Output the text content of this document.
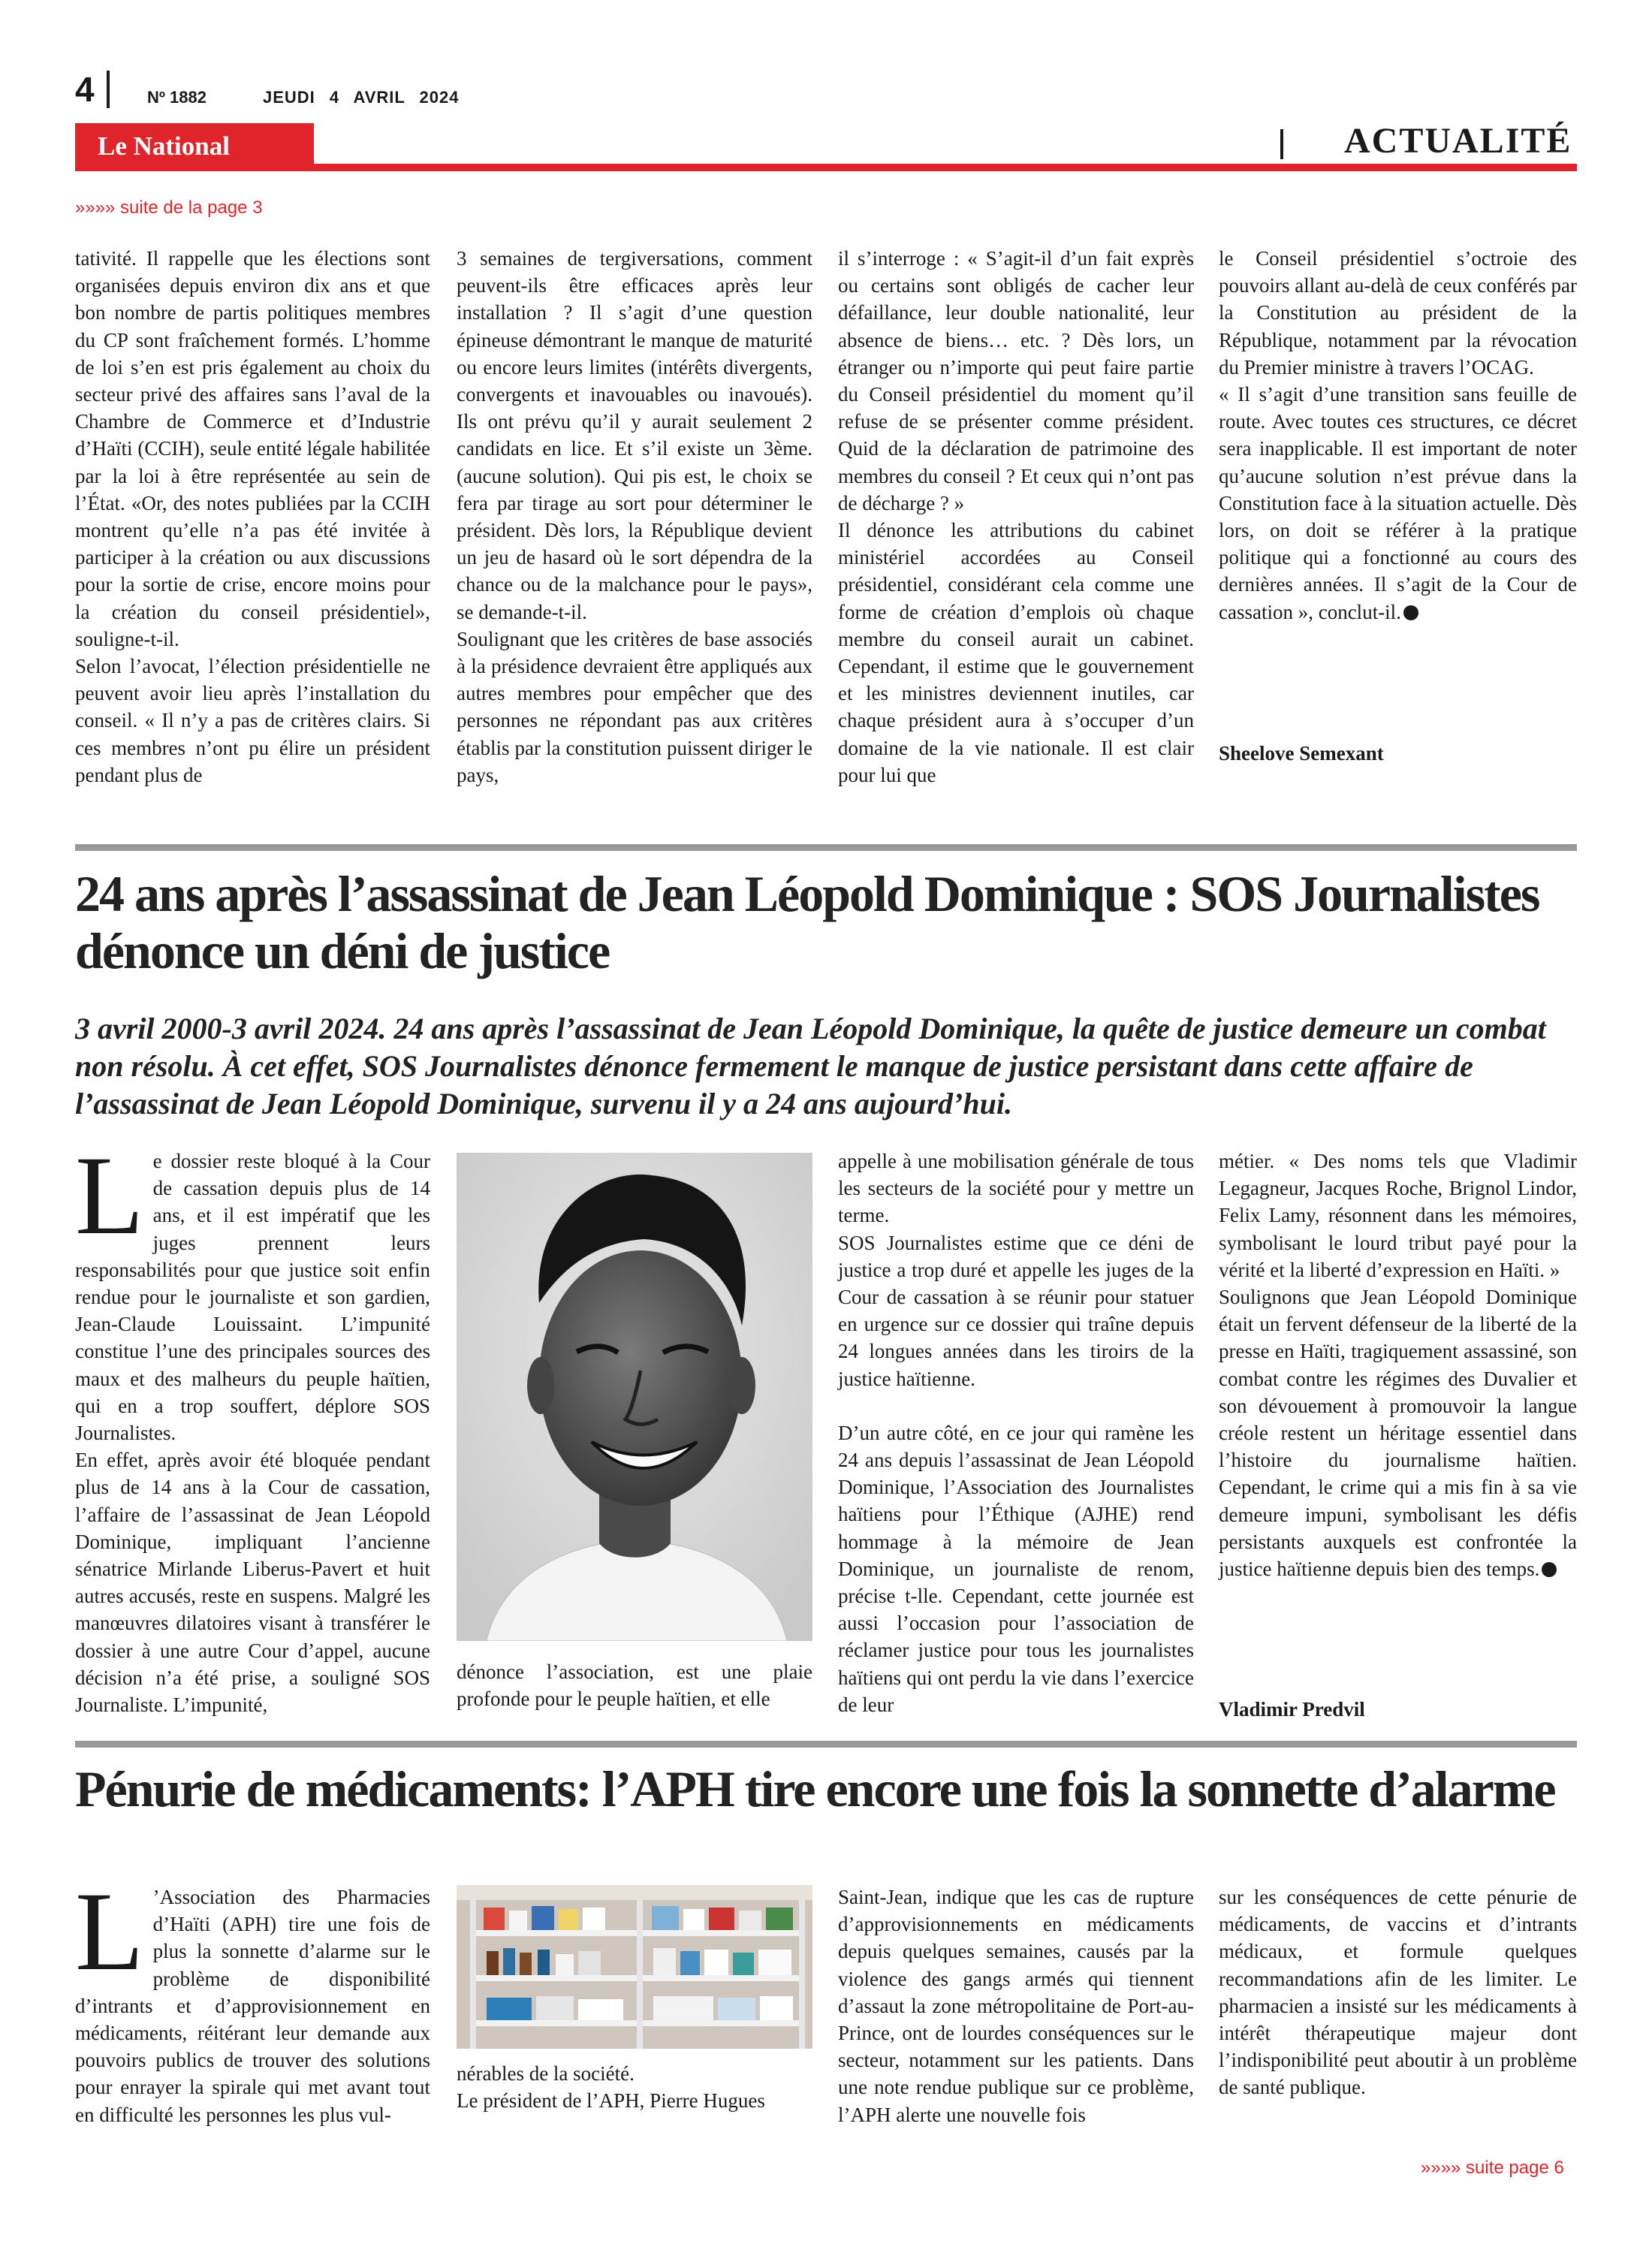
4	Nº 1882	JEUDI 4 AVRIL 2024
Le National	ACTUALITÉ
»»»» suite de la page 3

tativité. Il rappelle que les élections sont organisées depuis environ dix ans et que bon nombre de partis politiques membres du CP sont fraîchement formés. L’homme de loi s’en est pris également au choix du secteur privé des affaires sans l’aval de la Chambre de Commerce et d’Industrie d’Haïti (CCIH), seule entité légale habilitée par la loi à être représentée au sein de l’État. «Or, des notes publiées par la CCIH montrent qu’elle n’a pas été invitée à participer à la création ou aux discussions pour la sortie de crise, encore moins pour la création du conseil présidentiel», souligne-t-il.

Selon l’avocat, l’élection présidentielle ne peuvent avoir lieu après l’installation du conseil. « Il n’y a pas de critères clairs. Si ces membres n’ont pu élire un président pendant plus de

3 semaines de tergiversations, comment peuvent-ils être efficaces après leur installation ? Il s’agit d’une question épineuse démontrant le manque de maturité ou encore leurs limites (intérêts divergents, convergents et inavouables ou inavoués). Ils ont prévu qu’il y aurait seulement 2 candidats en lice. Et s’il existe un 3ème. (aucune solution). Qui pis est, le choix se fera par tirage au sort pour déterminer le président. Dès lors, la République devient un jeu de hasard où le sort dépendra de la chance ou de la malchance pour le pays», se demande-t-il.

Soulignant que les critères de base associés à la présidence devraient être appliqués aux autres membres pour empêcher que des personnes ne répondant pas aux critères établis par la constitution puissent diriger le pays,

il s’interroge : « S’agit-il d’un fait exprès ou certains sont obligés de cacher leur défaillance, leur double nationalité, leur absence de biens… etc. ? Dès lors, un étranger ou n’importe qui peut faire partie du Conseil présidentiel du moment qu’il refuse de se présenter comme président. Quid de la déclaration de patrimoine des membres du conseil ? Et ceux qui n’ont pas de décharge ? »

Il dénonce les attributions du cabinet ministériel accordées au Conseil présidentiel, considérant cela comme une forme de création d’emplois où chaque membre du conseil aurait un cabinet. Cependant, il estime que le gouvernement et les ministres deviennent inutiles, car chaque président aura à s’occuper d’un domaine de la vie nationale. Il est clair pour lui que

le Conseil présidentiel s’octroie des pouvoirs allant au-delà de ceux conférés par la Constitution au président de la République, notamment par la révocation du Premier ministre à travers l’OCAG.

« Il s’agit d’une transition sans feuille de route. Avec toutes ces structures, ce décret sera inapplicable. Il est important de noter qu’aucune solution n’est prévue dans la Constitution face à la situation actuelle. Dès lors, on doit se référer à la pratique politique qui a fonctionné au cours des dernières années. Il s’agit de la Cour de cassation », conclut-il.

Sheelove Semexant
24 ans après l’assassinat de Jean Léopold Dominique : SOS Journalistes dénonce un déni de justice
3 avril 2000-3 avril 2024. 24 ans après l’assassinat de Jean Léopold Dominique, la quête de justice demeure un combat non résolu. À cet effet, SOS Journalistes dénonce fermement le manque de justice persistant dans cette affaire de l’assassinat de Jean Léopold Dominique, survenu il y a 24 ans aujourd’hui.

Le dossier reste bloqué à la Cour de cassation depuis plus de 14 ans, et il est impératif que les juges prennent leurs responsabilités pour que justice soit enfin rendue pour le journaliste et son gardien, Jean-Claude Louissaint. L’impunité constitue l’une des principales sources des maux et des malheurs du peuple haïtien, qui en a trop souffert, déplore SOS Journalistes.

En effet, après avoir été bloquée pendant plus de 14 ans à la Cour de cassation, l’affaire de l’assassinat de Jean Léopold Dominique, impliquant l’ancienne sénatrice Mirlande Liberus-Pavert et huit autres accusés, reste en suspens. Malgré les manœuvres dilatoires visant à transférer le dossier à une autre Cour d’appel, aucune décision n’a été prise, a souligné SOS Journaliste. L’impunité,

dénonce l’association, est une plaie profonde pour le peuple haïtien, et elle

appelle à une mobilisation générale de tous les secteurs de la société pour y mettre un terme.

SOS Journalistes estime que ce déni de justice a trop duré et appelle les juges de la Cour de cassation à se réunir pour statuer en urgence sur ce dossier qui traîne depuis 24 longues années dans les tiroirs de la justice haïtienne.

D’un autre côté, en ce jour qui ramène les 24 ans depuis l’assassinat de Jean Léopold Dominique, l’Association des Journalistes haïtiens pour l’Éthique (AJHE) rend hommage à la mémoire de Jean Dominique, un journaliste de renom, précise t-lle. Cependant, cette journée est aussi l’occasion pour l’association de réclamer justice pour tous les journalistes haïtiens qui ont perdu la vie dans l’exercice de leur

métier. « Des noms tels que Vladimir Legagneur, Jacques Roche, Brignol Lindor, Felix Lamy, résonnent dans les mémoires, symbolisant le lourd tribut payé pour la vérité et la liberté d’expression en Haïti. »

Soulignons que Jean Léopold Dominique était un fervent défenseur de la liberté de la presse en Haïti, tragiquement assassiné, son combat contre les régimes des Duvalier et son dévouement à promouvoir la langue créole restent un héritage essentiel dans l’histoire du journalisme haïtien. Cependant, le crime qui a mis fin à sa vie demeure impuni, symbolisant les défis persistants auxquels est confrontée la justice haïtienne depuis bien des temps.

Vladimir Predvil
Pénurie de médicaments: l’APH tire encore une fois la sonnette d’alarme

L ’Association des Pharmacies d’Haïti (APH) tire une fois de plus la sonnette d’alarme sur le problème de disponibilité d’intrants et d’approvisionnement en médicaments, réitérant leur demande aux pouvoirs publics de trouver des solutions pour enrayer la spirale qui met avant tout en difficulté les personnes les plus vul-

nérables de la société.

Le président de l’APH, Pierre Hugues

Saint-Jean, indique que les cas de rupture d’approvisionnements en médicaments depuis quelques semaines, causés par la violence des gangs armés qui tiennent d’assaut la zone métropolitaine de Port-au-Prince, ont de lourdes conséquences sur le secteur, notamment sur les patients. Dans une note rendue publique sur ce problème, l’APH alerte une nouvelle fois

sur les conséquences de cette pénurie de médicaments, de vaccins et d’intrants médicaux, et formule quelques recommandations afin de les limiter. Le pharmacien a insisté sur les médicaments à intérêt thérapeutique majeur dont l’indisponibilité peut aboutir à un problème de santé publique.

»»»» suite page 6
